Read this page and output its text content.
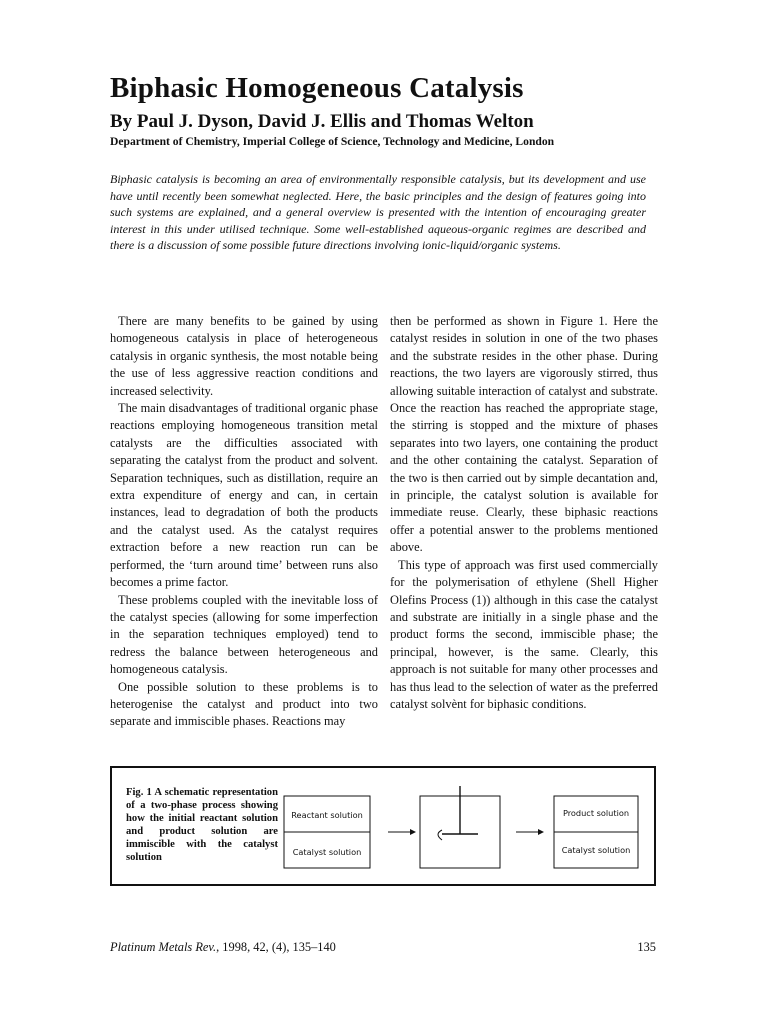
Biphasic Homogeneous Catalysis
By Paul J. Dyson, David J. Ellis and Thomas Welton
Department of Chemistry, Imperial College of Science, Technology and Medicine, London

Biphasic catalysis is becoming an area of environmentally responsible catalysis, but its development and use have until recently been somewhat neglected. Here, the basic principles and the design of features going into such systems are explained, and a general overview is presented with the intention of encouraging greater interest in this under utilised technique. Some well-established aqueous-organic regimes are described and there is a discussion of some possible future directions involving ionic-liquid/organic systems.

There are many benefits to be gained by using homogeneous catalysis in place of heterogeneous catalysis in organic synthesis, the most notable being the use of less aggressive reaction conditions and increased selectivity.

The main disadvantages of traditional organic phase reactions employing homogeneous transition metal catalysts are the difficulties associated with separating the catalyst from the product and solvent. Separation techniques, such as distillation, require an extra expenditure of energy and can, in certain instances, lead to degradation of both the products and the catalyst used. As the catalyst requires extraction before a new reaction run can be performed, the ‘turn around time’ between runs also becomes a prime factor.

These problems coupled with the inevitable loss of the catalyst species (allowing for some imperfection in the separation techniques employed) tend to redress the balance between heterogeneous and homogeneous catalysis.

One possible solution to these problems is to heterogenise the catalyst and product into two separate and immiscible phases. Reactions may

then be performed as shown in Figure 1. Here the catalyst resides in solution in one of the two phases and the substrate resides in the other phase. During reactions, the two layers are vigorously stirred, thus allowing suitable interaction of catalyst and substrate. Once the reaction has reached the appropriate stage, the stirring is stopped and the mixture of phases separates into two layers, one containing the product and the other containing the catalyst. Separation of the two is then carried out by simple decantation and, in principle, the catalyst solution is available for immediate reuse. Clearly, these biphasic reactions offer a potential answer to the problems mentioned above.

This type of approach was first used commercially for the polymerisation of ethylene (Shell Higher Olefins Process (1)) although in this case the catalyst and substrate are initially in a single phase and the product forms the second, immiscible phase; the principal, however, is the same. Clearly, this approach is not suitable for many other processes and has thus lead to the selection of water as the preferred catalyst solvènt for biphasic conditions.

Fig. 1 A schematic representation of a two-phase process showing how the initial reactant solution and product solution are immiscible with the catalyst solution
Reactant solution
Catalyst solution
Product solution
Catalyst solution
Platinum Metals Rev., 1998, 42, (4), 135–140	135
